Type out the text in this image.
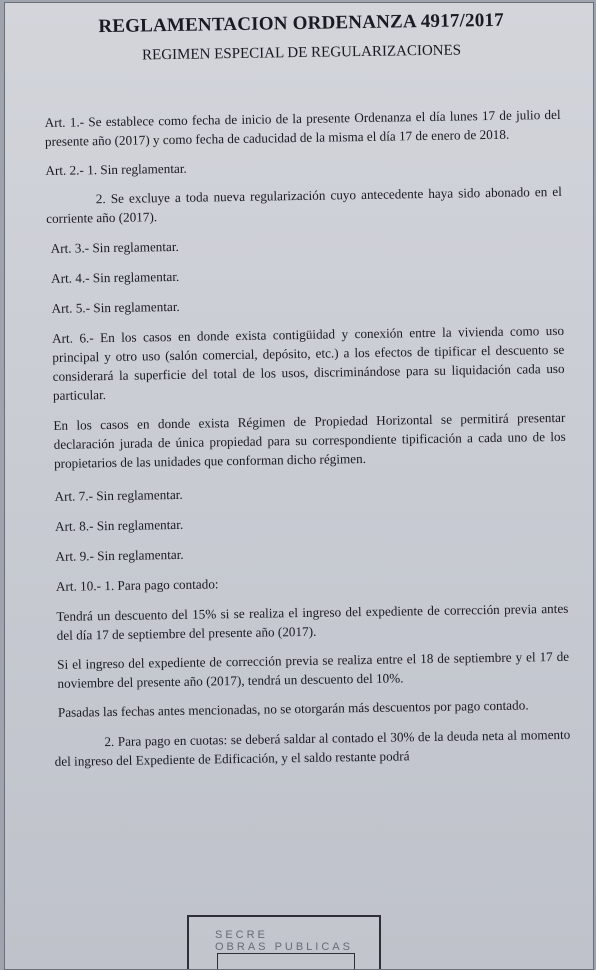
REGLAMENTACION ORDENANZA 4917/2017
REGIMEN ESPECIAL DE REGULARIZACIONES

Art. 1.- Se establece como fecha de inicio de la presente Ordenanza el día lunes 17 de julio del presente año (2017) y como fecha de caducidad de la misma el día 17 de enero de 2018.

Art. 2.- 1. Sin reglamentar.

2. Se excluye a toda nueva regularización cuyo antecedente haya sido abonado en el corriente año (2017).

Art. 3.- Sin reglamentar.

Art. 4.- Sin reglamentar.

Art. 5.- Sin reglamentar.

Art. 6.- En los casos en donde exista contigüidad y conexión entre la vivienda como uso principal y otro uso (salón comercial, depósito, etc.) a los efectos de tipificar el descuento se considerará la superficie del total de los usos, discriminándose para su liquidación cada uso particular.

En los casos en donde exista Régimen de Propiedad Horizontal se permitirá presentar declaración jurada de única propiedad para su correspondiente tipificación a cada uno de los propietarios de las unidades que conforman dicho régimen.

Art. 7.- Sin reglamentar.

Art. 8.- Sin reglamentar.

Art. 9.- Sin reglamentar.

Art. 10.- 1. Para pago contado:

Tendrá un descuento del 15% si se realiza el ingreso del expediente de corrección previa antes del día 17 de septiembre del presente año (2017).

Si el ingreso del expediente de corrección previa se realiza entre el 18 de septiembre y el 17 de noviembre del presente año (2017), tendrá un descuento del 10%.

Pasadas las fechas antes mencionadas, no se otorgarán más descuentos por pago contado.

2. Para pago en cuotas: se deberá saldar al contado el 30% de la deuda neta al momento del ingreso del Expediente de Edificación, y el saldo restante podrá

SECRE
OBRAS PUBLICAS
